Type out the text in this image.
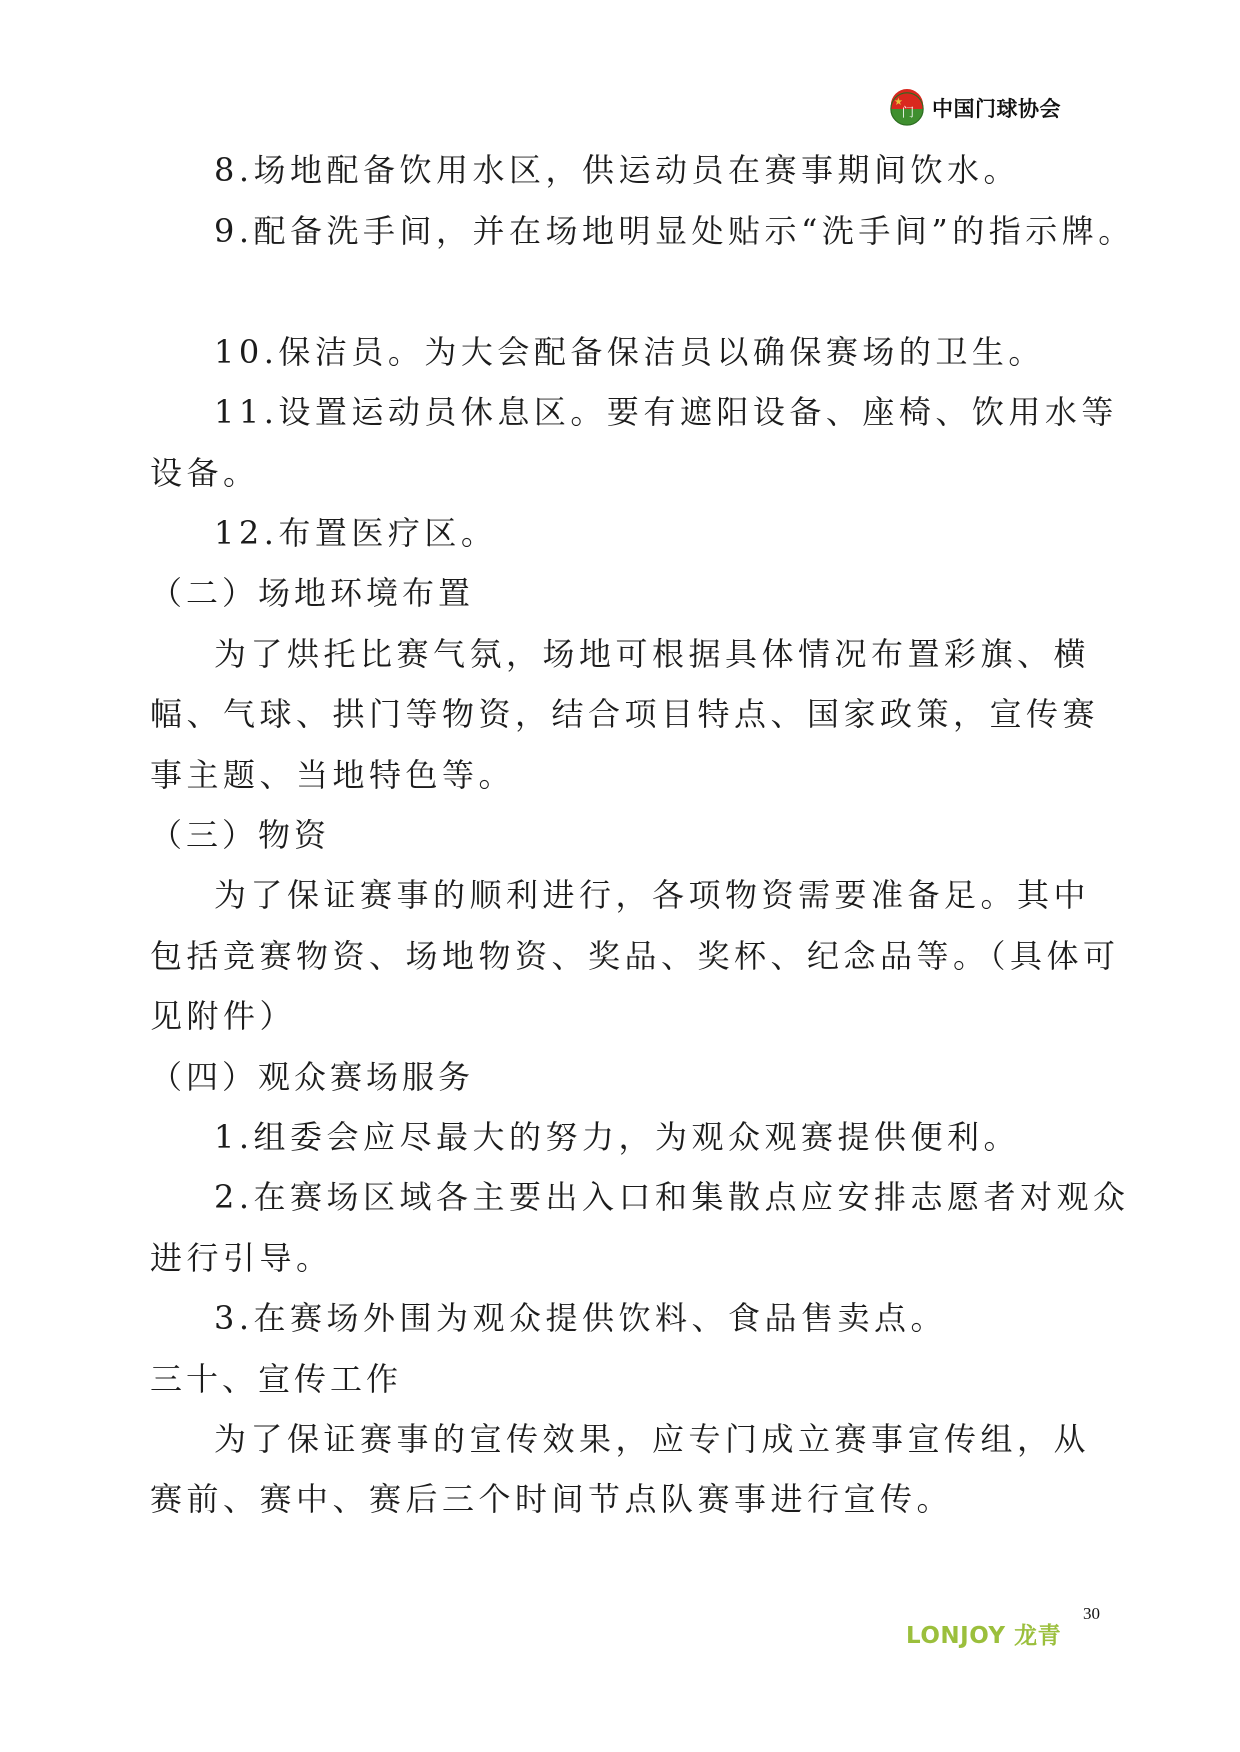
门 中国门球协会
8.场地配备饮用水区，供运动员在赛事期间饮水。
9.配备洗手间，并在场地明显处贴示“洗手间”的指示牌。
10.保洁员。为大会配备保洁员以确保赛场的卫生。
11.设置运动员休息区。要有遮阳设备、座椅、饮用水等
设备。
12.布置医疗区。
（二）场地环境布置
为了烘托比赛气氛，场地可根据具体情况布置彩旗、横
幅、气球、拱门等物资，结合项目特点、国家政策，宣传赛
事主题、当地特色等。
（三）物资
为了保证赛事的顺利进行，各项物资需要准备足。其中
包括竞赛物资、场地物资、奖品、奖杯、纪念品等。（具体可
见附件）
（四）观众赛场服务
1.组委会应尽最大的努力，为观众观赛提供便利。
2.在赛场区域各主要出入口和集散点应安排志愿者对观众
进行引导。
3.在赛场外围为观众提供饮料、食品售卖点。
三十、宣传工作
为了保证赛事的宣传效果，应专门成立赛事宣传组，从
赛前、赛中、赛后三个时间节点队赛事进行宣传。
LONJOY 龙青
30
